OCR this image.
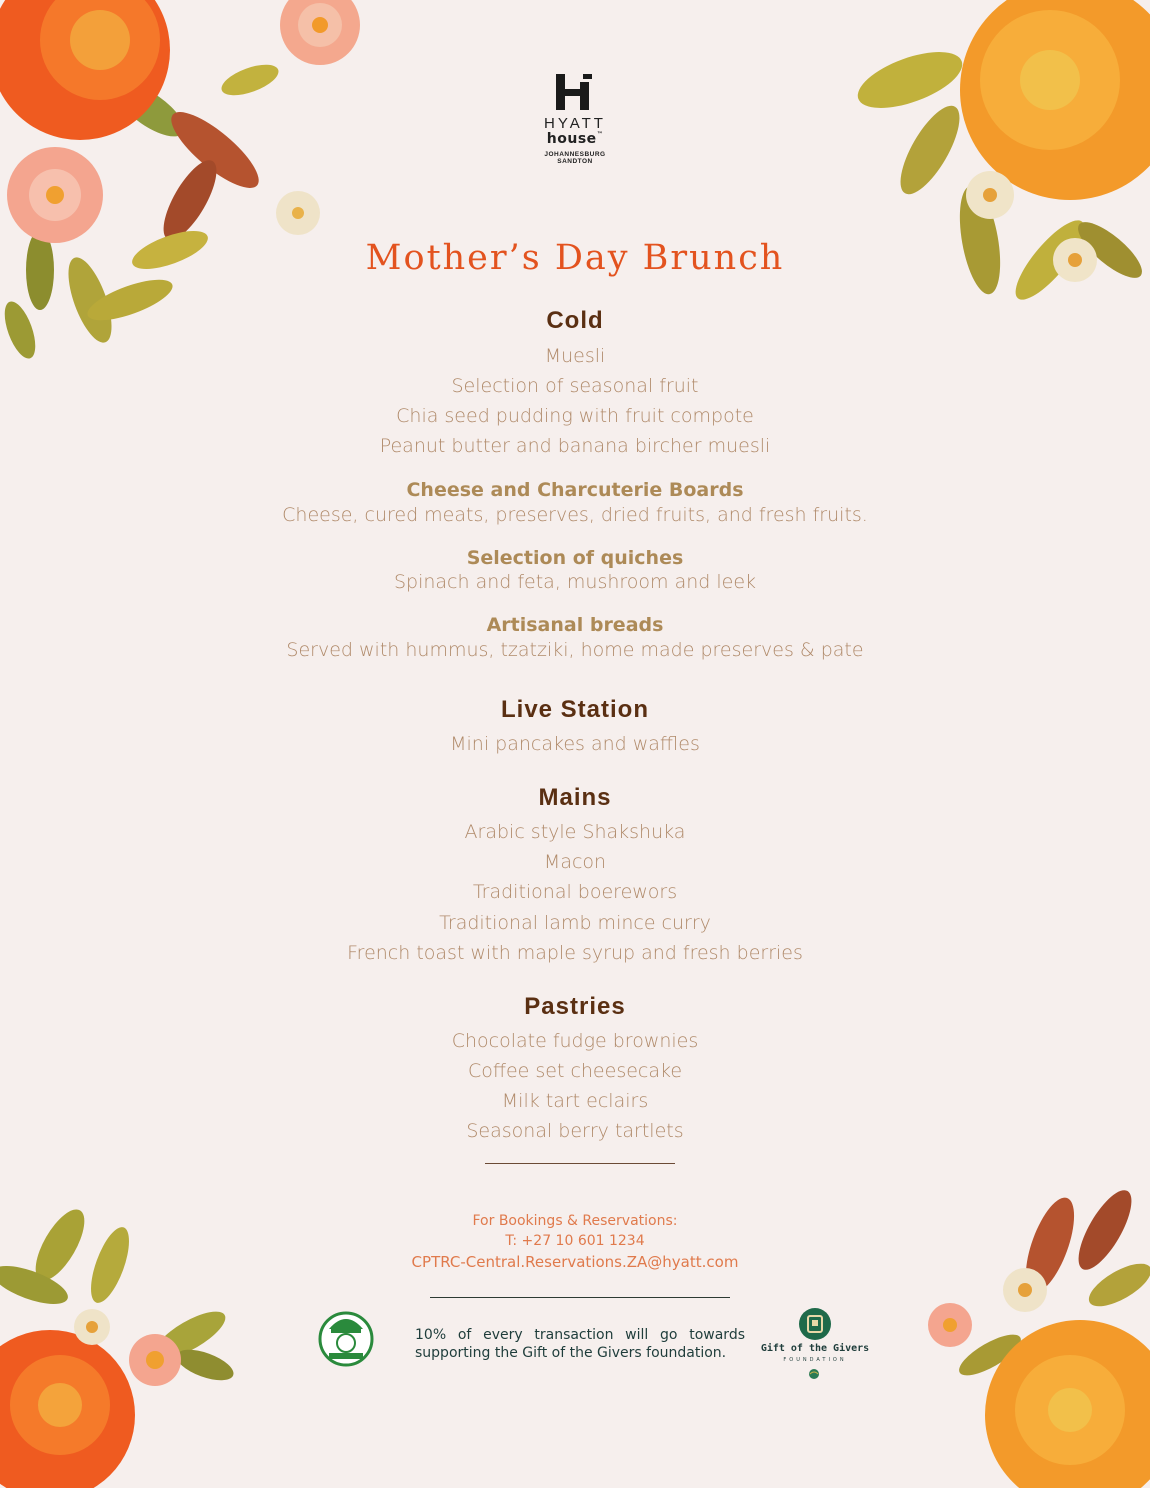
HYATT
house™
JOHANNESBURG
SANDTON
Mother’s Day Brunch
Cold
Muesli
Selection of seasonal fruit
Chia seed pudding with fruit compote
Peanut butter and banana bircher muesli
Cheese and Charcuterie Boards
Cheese, cured meats, preserves, dried fruits, and fresh fruits.
Selection of quiches
Spinach and feta, mushroom and leek
Artisanal breads
Served with hummus, tzatziki, home made preserves & pate
Live Station
Mini pancakes and waffles
Mains
Arabic style Shakshuka
Macon
Traditional boerewors
Traditional lamb mince curry
French toast with maple syrup and fresh berries
Pastries
Chocolate fudge brownies
Coffee set cheesecake
Milk tart eclairs
Seasonal berry tartlets
For Bookings & Reservations:
T: +27 10 601 1234
CPTRC-Central.Reservations.ZA@hyatt.com
10% of every transaction will go towards supporting the Gift of the Givers foundation.	Gift of the Givers
FOUNDATION
